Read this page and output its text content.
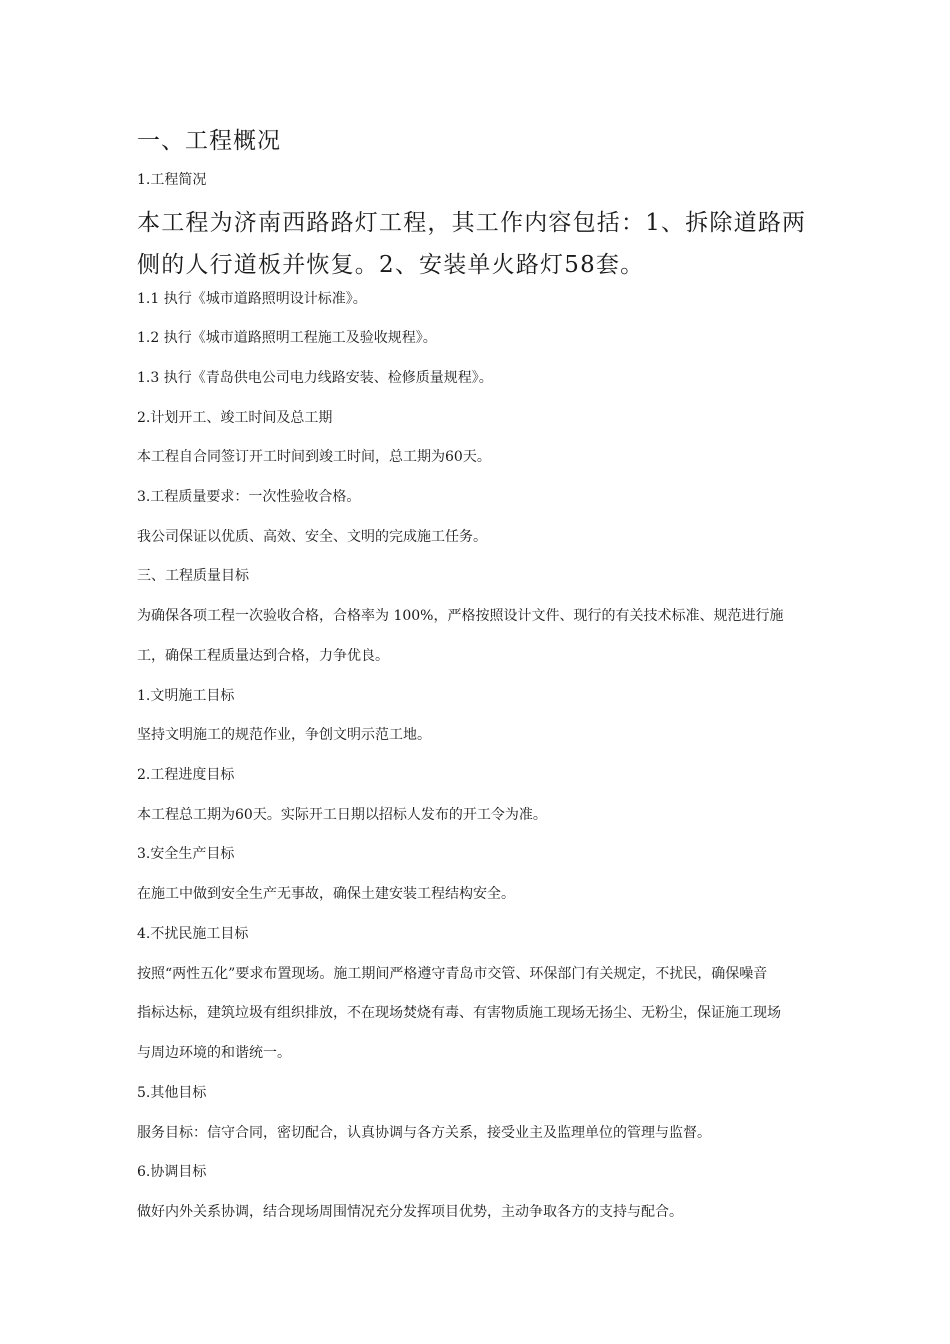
一、工程概况

1.工程简况

本工程为济南西路路灯工程，其工作内容包括：1、拆除道路两

侧的人行道板并恢复。2、安装单火路灯58套。

1.1 执行《城市道路照明设计标准》。

1.2 执行《城市道路照明工程施工及验收规程》。

1.3 执行《青岛供电公司电力线路安装、检修质量规程》。

2.计划开工、竣工时间及总工期

本工程自合同签订开工时间到竣工时间，总工期为60天。

3.工程质量要求：一次性验收合格。

我公司保证以优质、高效、安全、文明的完成施工任务。

三、工程质量目标

为确保各项工程一次验收合格，合格率为 100%，严格按照设计文件、现行的有关技术标准、规范进行施

工，确保工程质量达到合格，力争优良。

1.文明施工目标

坚持文明施工的规范作业，争创文明示范工地。

2.工程进度目标

本工程总工期为60天。实际开工日期以招标人发布的开工令为准。

3.安全生产目标

在施工中做到安全生产无事故，确保土建安装工程结构安全。

4.不扰民施工目标

按照“两性五化”要求布置现场。施工期间严格遵守青岛市交管、环保部门有关规定，不扰民，确保噪音

指标达标，建筑垃圾有组织排放，不在现场焚烧有毒、有害物质施工现场无扬尘、无粉尘，保证施工现场

与周边环境的和谐统一。

5.其他目标

服务目标：信守合同，密切配合，认真协调与各方关系，接受业主及监理单位的管理与监督。

6.协调目标

做好内外关系协调，结合现场周围情况充分发挥项目优势，主动争取各方的支持与配合。
